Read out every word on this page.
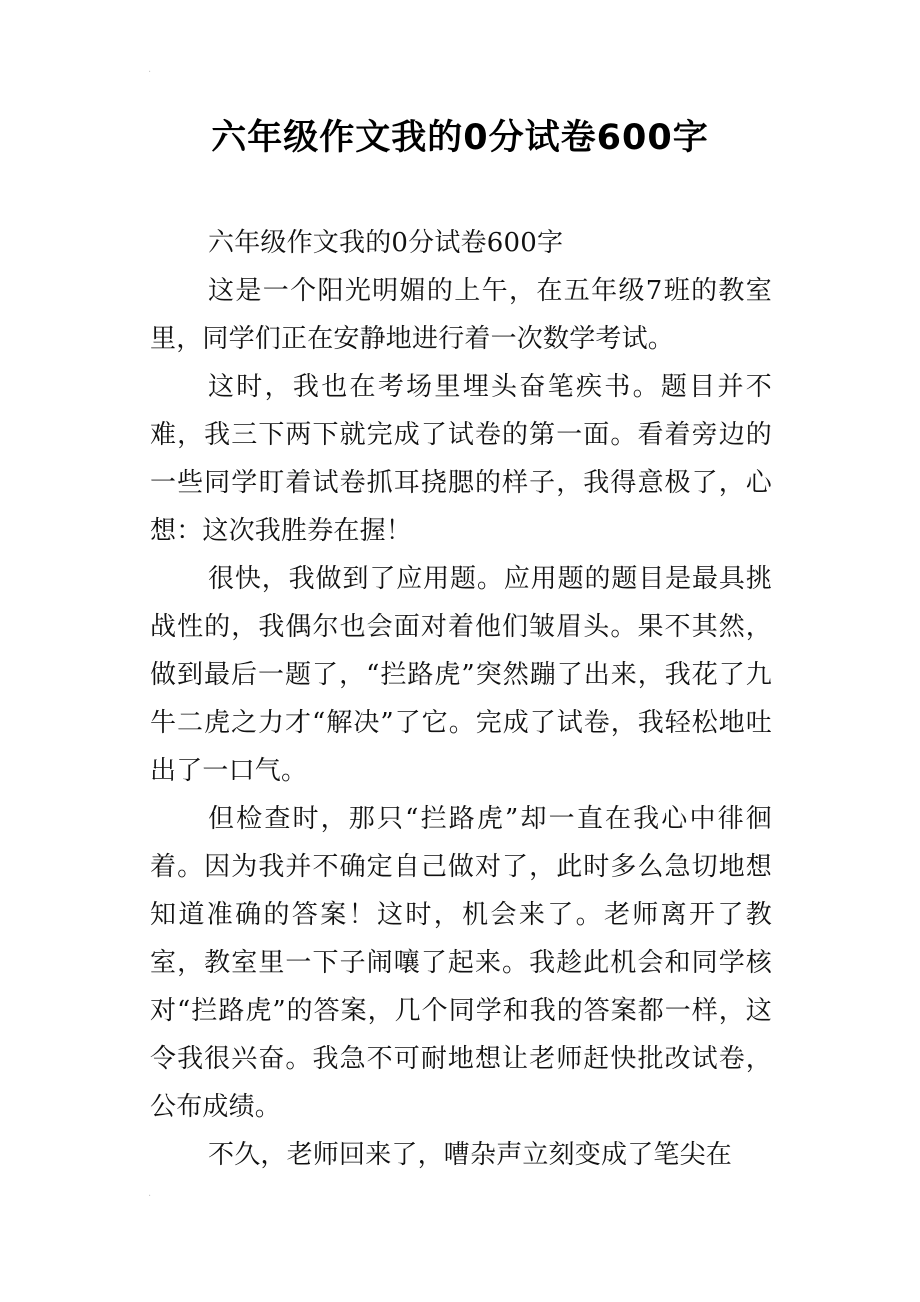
·
六年级作文我的0分试卷600字

六年级作文我的0分试卷600字

这是一个阳光明媚的上午，在五年级7班的教室里，同学们正在安静地进行着一次数学考试。

这时，我也在考场里埋头奋笔疾书。题目并不难，我三下两下就完成了试卷的第一面。看着旁边的一些同学盯着试卷抓耳挠腮的样子，我得意极了，心想：这次我胜券在握！

很快，我做到了应用题。应用题的题目是最具挑战性的，我偶尔也会面对着他们皱眉头。果不其然，做到最后一题了，“拦路虎”突然蹦了出来，我花了九牛二虎之力才“解决”了它。完成了试卷，我轻松地吐出了一口气。

但检查时，那只“拦路虎”却一直在我心中徘徊着。因为我并不确定自己做对了，此时多么急切地想知道准确的答案！这时，机会来了。老师离开了教室，教室里一下子闹嚷了起来。我趁此机会和同学核对“拦路虎”的答案，几个同学和我的答案都一样，这令我很兴奋。我急不可耐地想让老师赶快批改试卷，公布成绩。

不久，老师回来了，嘈杂声立刻变成了笔尖在

·
